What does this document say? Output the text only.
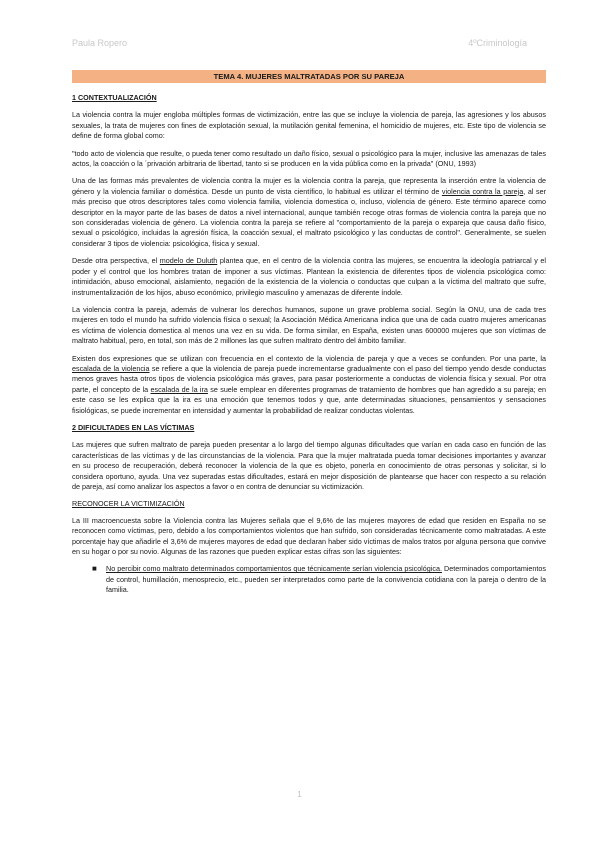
Paula Ropero	4ºCriminología
TEMA 4. MUJERES MALTRATADAS POR SU PAREJA
1 CONTEXTUALIZACIÓN

La violencia contra la mujer engloba múltiples formas de victimización, entre las que se incluye la violencia de pareja, las agresiones y los abusos sexuales, la trata de mujeres con fines de explotación sexual, la mutilación genital femenina, el homicidio de mujeres, etc. Este tipo de violencia se define de forma global como:

"todo acto de violencia que resulte, o pueda tener como resultado un daño físico, sexual o psicológico para la mujer, inclusive las amenazas de tales actos, la coacción o la ´privación arbitraria de libertad, tanto si se producen en la vida pública como en la privada" (ONU, 1993)

Una de las formas más prevalentes de violencia contra la mujer es la violencia contra la pareja, que representa la inserción entre la violencia de género y la violencia familiar o doméstica. Desde un punto de vista científico, lo habitual es utilizar el término de violencia contra la pareja, al ser más preciso que otros descriptores tales como violencia familia, violencia domestica o, incluso, violencia de género. Este término aparece como descriptor en la mayor parte de las bases de datos a nivel internacional, aunque también recoge otras formas de violencia contra la pareja que no son consideradas violencia de género. La violencia contra la pareja se refiere al "comportamiento de la pareja o expareja que causa daño físico, sexual o psicológico, incluidas la agresión física, la coacción sexual, el maltrato psicológico y las conductas de control". Generalmente, se suelen considerar 3 tipos de violencia: psicológica, física y sexual.

Desde otra perspectiva, el modelo de Duluth plantea que, en el centro de la violencia contra las mujeres, se encuentra la ideología patriarcal y el poder y el control que los hombres tratan de imponer a sus víctimas. Plantean la existencia de diferentes tipos de violencia psicológica como: intimidación, abuso emocional, aislamiento, negación de la existencia de la violencia o conductas que culpan a la víctima del maltrato que sufre, instrumentalización de los hijos, abuso económico, privilegio masculino y amenazas de diferente índole.

La violencia contra la pareja, además de vulnerar los derechos humanos, supone un grave problema social. Según la ONU, una de cada tres mujeres en todo el mundo ha sufrido violencia física o sexual; la Asociación Médica Americana indica que una de cada cuatro mujeres americanas es víctima de violencia domestica al menos una vez en su vida. De forma similar, en España, existen unas 600000 mujeres que son víctimas de maltrato habitual, pero, en total, son más de 2 millones las que sufren maltrato dentro del ámbito familiar.

Existen dos expresiones que se utilizan con frecuencia en el contexto de la violencia de pareja y que a veces se confunden. Por una parte, la escalada de la violencia se refiere a que la violencia de pareja puede incrementarse gradualmente con el paso del tiempo yendo desde conductas menos graves hasta otros tipos de violencia psicológica más graves, para pasar posteriormente a conductas de violencia física y sexual. Por otra parte, el concepto de la escalada de la ira se suele emplear en diferentes programas de tratamiento de hombres que han agredido a su pareja; en este caso se les explica que la ira es una emoción que tenemos todos y que, ante determinadas situaciones, pensamientos y sensaciones fisiológicas, se puede incrementar en intensidad y aumentar la probabilidad de realizar conductas violentas.

2 DIFICULTADES EN LAS VÍCTIMAS

Las mujeres que sufren maltrato de pareja pueden presentar a lo largo del tiempo algunas dificultades que varían en cada caso en función de las características de las víctimas y de las circunstancias de la violencia. Para que la mujer maltratada pueda tomar decisiones importantes y avanzar en su proceso de recuperación, deberá reconocer la violencia de la que es objeto, ponerla en conocimiento de otras personas y solicitar, si lo considera oportuno, ayuda. Una vez superadas estas dificultades, estará en mejor disposición de plantearse que hacer con respecto a su relación de pareja, así como analizar los aspectos a favor o en contra de denunciar su victimización.

RECONOCER LA VICTIMIZACIÓN

La III macroencuesta sobre la Violencia contra las Mujeres señala que el 9,6% de las mujeres mayores de edad que residen en España no se reconocen como víctimas, pero, debido a los comportamientos violentos que han sufrido, son consideradas técnicamente como maltratadas. A este porcentaje hay que añadirle el 3,6% de mujeres mayores de edad que declaran haber sido víctimas de malos tratos por alguna persona que convive en su hogar o por su novio. Algunas de las razones que pueden explicar estas cifras son las siguientes:

■ No percibir como maltrato determinados comportamientos que técnicamente serían violencia psicológica. Determinados comportamientos de control, humillación, menosprecio, etc., pueden ser interpretados como parte de la convivencia cotidiana con la pareja o dentro de la familia.
1
